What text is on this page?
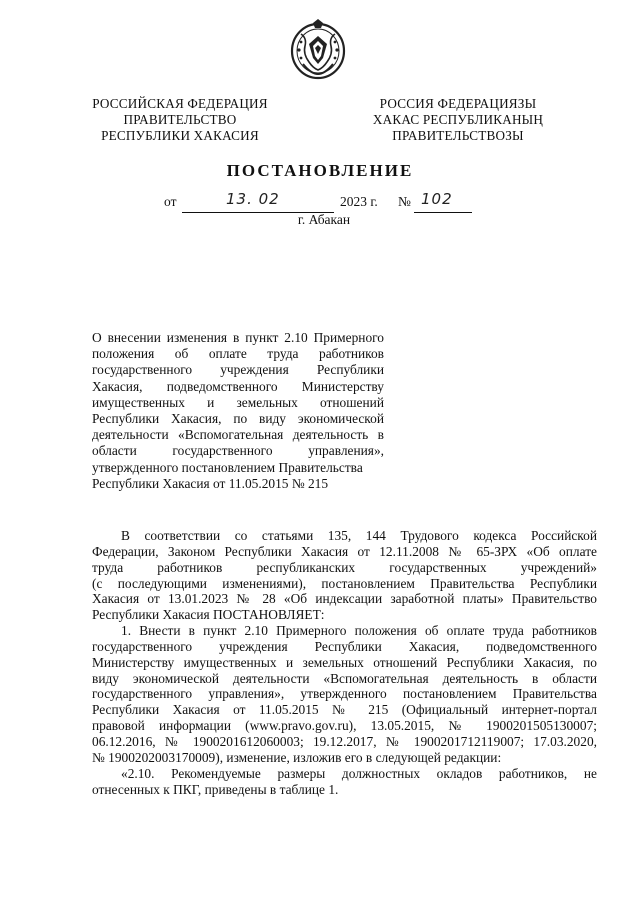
РОССИЙСКАЯ ФЕДЕРАЦИЯ
ПРАВИТЕЛЬСТВО
РЕСПУБЛИКИ ХАКАСИЯ
РОССИЯ ФЕДЕРАЦИЯЗЫ
ХАКАС РЕСПУБЛИКАНЫҢ
ПРАВИТЕЛЬСТВОЗЫ
ПОСТАНОВЛЕНИЕ
от	13. 02	2023 г. № 102
г. Абакан
О внесении изменения в пункт 2.10 Примерного
положения об оплате труда работников
государственного учреждения Республики
Хакасия, подведомственного Министерству
имущественных и земельных отношений
Республики Хакасия, по виду экономической
деятельности «Вспомогательная деятельность в
области государственного управления»,
утвержденного постановлением Правительства
Республики Хакасия от 11.05.2015 № 215
В соответствии со статьями 135, 144 Трудового кодекса Российской
Федерации, Законом Республики Хакасия от 12.11.2008 № 65-ЗРХ «Об оплате
труда работников республиканских государственных учреждений»
(с последующими изменениями), постановлением Правительства Республики
Хакасия от 13.01.2023 № 28 «Об индексации заработной платы» Правительство
Республики Хакасия ПОСТАНОВЛЯЕТ:
1. Внести в пункт 2.10 Примерного положения об оплате труда работников
государственного учреждения Республики Хакасия, подведомственного
Министерству имущественных и земельных отношений Республики Хакасия, по
виду экономической деятельности «Вспомогательная деятельность в области
государственного управления», утвержденного постановлением Правительства
Республики Хакасия от 11.05.2015 № 215 (Официальный интернет-портал
правовой информации (www.pravo.gov.ru), 13.05.2015, № 1900201505130007;
06.12.2016, № 1900201612060003; 19.12.2017, № 1900201712119007; 17.03.2020,
№ 1900202003170009), изменение, изложив его в следующей редакции:
«2.10. Рекомендуемые размеры должностных окладов работников, не
отнесенных к ПКГ, приведены в таблице 1.
